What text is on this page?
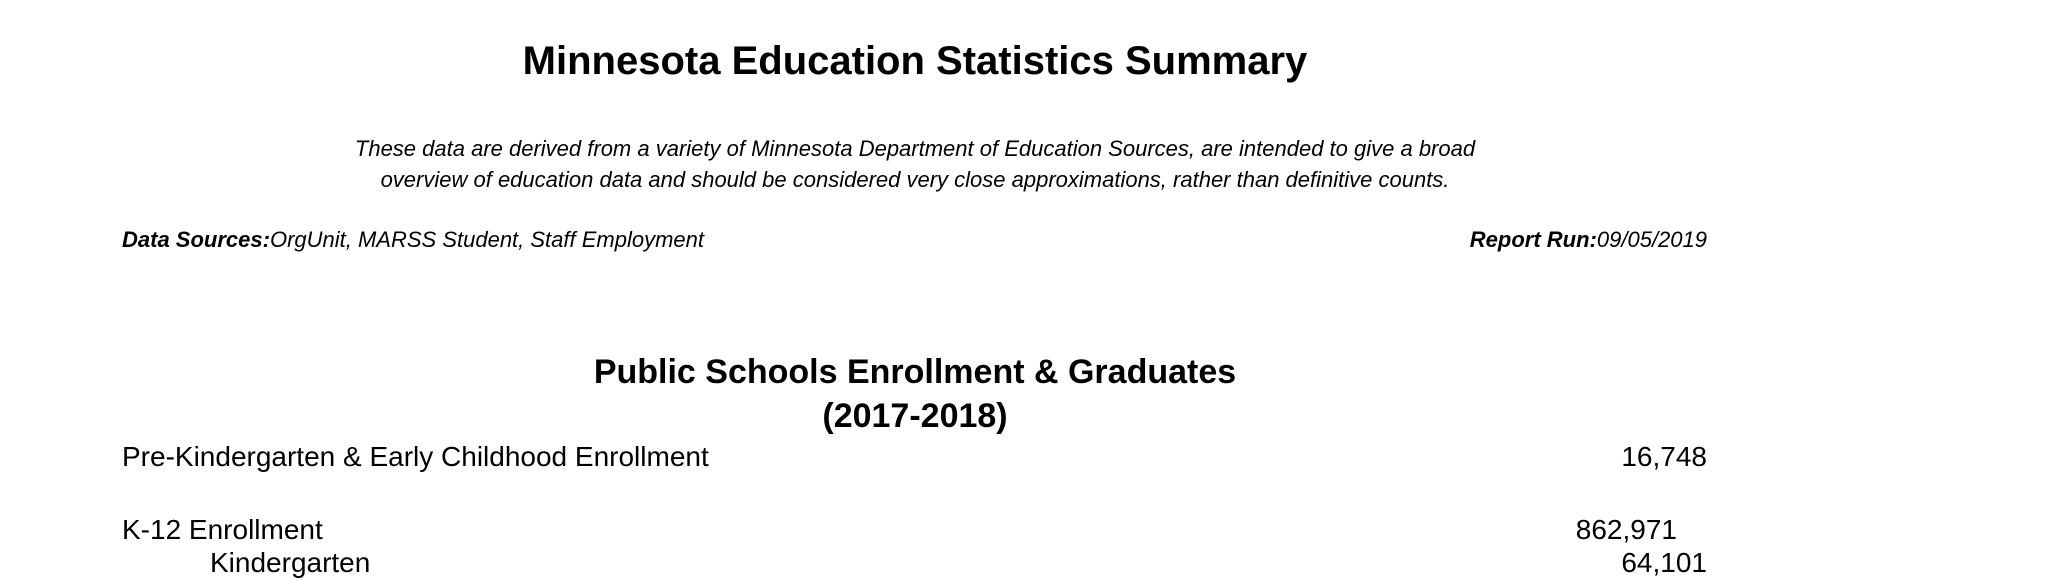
Minnesota Education Statistics Summary
These data are derived from a variety of Minnesota Department of Education Sources, are intended to give a broad
overview of education data and should be considered very close approximations, rather than definitive counts.
Data Sources:OrgUnit, MARSS Student, Staff Employment	Report Run:09/05/2019
Public Schools Enrollment & Graduates
(2017-2018)
Pre-Kindergarten & Early Childhood Enrollment	16,748
K-12 Enrollment	862,971
Kindergarten	64,101
